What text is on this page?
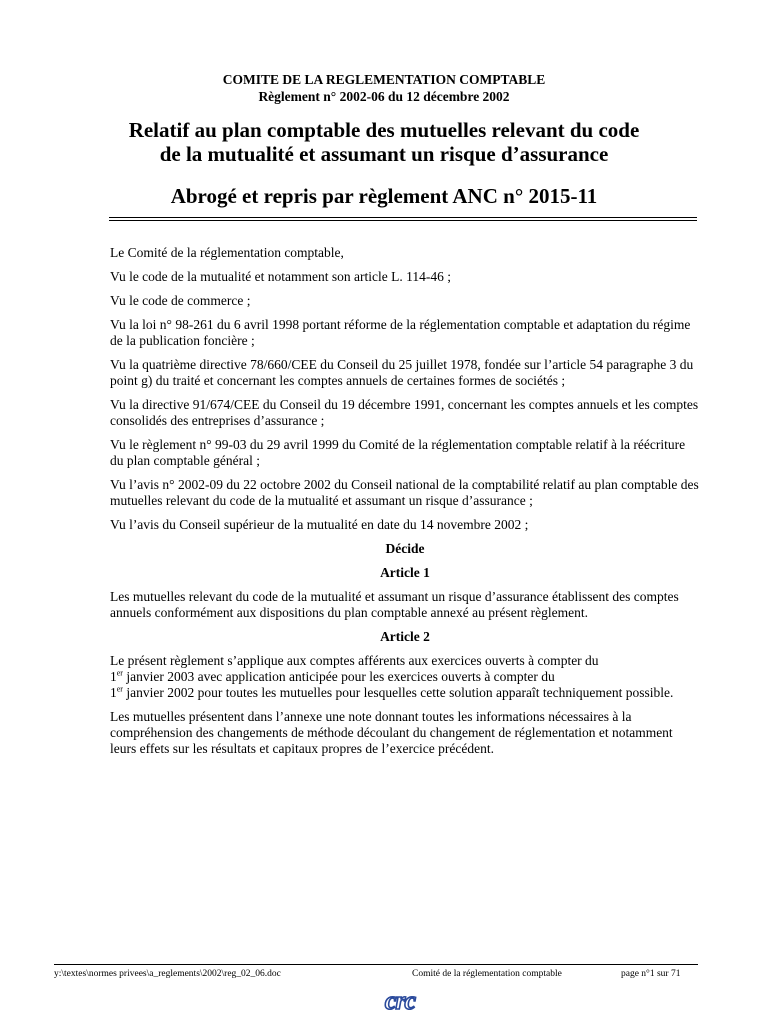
COMITE DE LA REGLEMENTATION COMPTABLE
Règlement n° 2002-06 du 12 décembre 2002
Relatif au plan comptable des mutuelles relevant du code
de la mutualité et assumant un risque d’assurance
Abrogé et repris par règlement ANC n° 2015-11

Le Comité de la réglementation comptable,

Vu le code de la mutualité et notamment son article L. 114-46 ;

Vu le code de commerce ;

Vu la loi n° 98-261 du 6 avril 1998 portant réforme de la réglementation comptable et adaptation du régime de la publication foncière ;

Vu la quatrième directive 78/660/CEE du Conseil du 25 juillet 1978, fondée sur l’article 54 paragraphe 3 du point g) du traité et concernant les comptes annuels de certaines formes de sociétés ;

Vu la directive 91/674/CEE du Conseil du 19 décembre 1991, concernant les comptes annuels et les comptes consolidés des entreprises d’assurance ;

Vu le règlement n° 99-03 du 29 avril 1999 du Comité de la réglementation comptable relatif à la réécriture du plan comptable général ;

Vu l’avis n° 2002-09 du 22 octobre 2002 du Conseil national de la comptabilité relatif au plan comptable des mutuelles relevant du code de la mutualité et assumant un risque d’assurance ;

Vu l’avis du Conseil supérieur de la mutualité en date du 14 novembre 2002 ;

Décide

Article 1

Les mutuelles relevant du code de la mutualité et assumant un risque d’assurance établissent des comptes annuels conformément aux dispositions du plan comptable annexé au présent règlement.

Article 2

Le présent règlement s’applique aux comptes afférents aux exercices ouverts à compter du
1er janvier 2003 avec application anticipée pour les exercices ouverts à compter du
1er janvier 2002 pour toutes les mutuelles pour lesquelles cette solution apparaît techniquement possible.

Les mutuelles présentent dans l’annexe une note donnant toutes les informations nécessaires à la compréhension des changements de méthode découlant du changement de réglementation et notamment leurs effets sur les résultats et capitaux propres de l’exercice précédent.

y:\textes\normes privees\a_reglements\2002\reg_02_06.doc	Comité de la réglementation comptable	page n°1 sur 71
crc
